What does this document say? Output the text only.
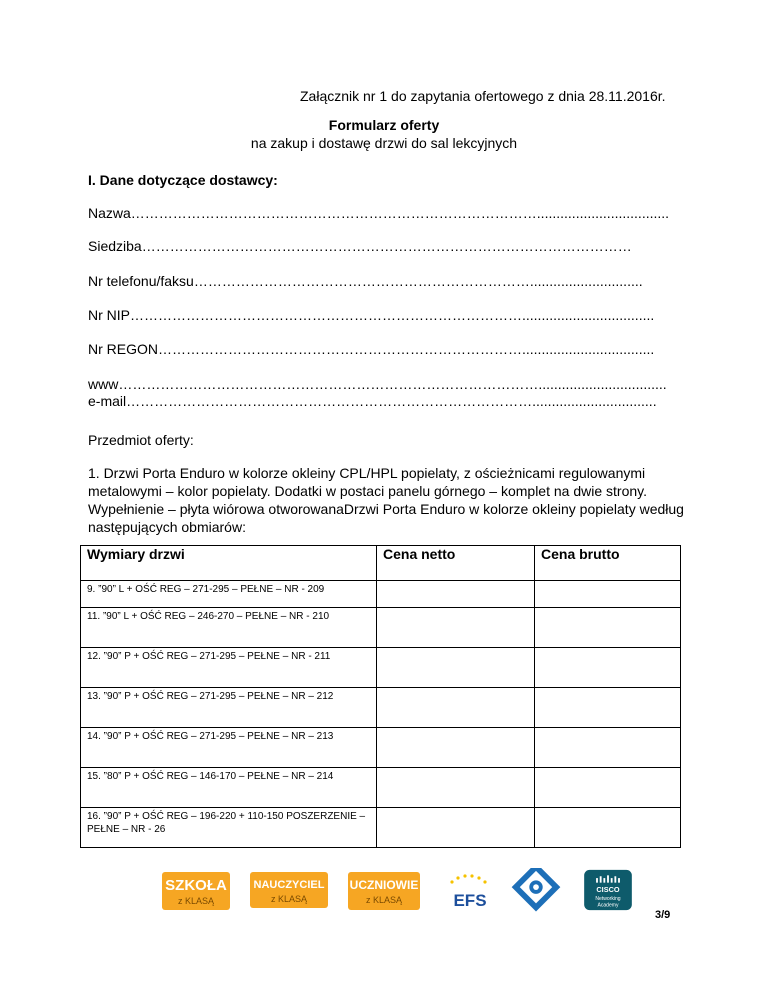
Załącznik nr 1 do zapytania ofertowego z dnia 28.11.2016r.
Formularz oferty
na zakup i dostawę drzwi do sal lekcyjnych
I. Dane dotyczące dostawcy:
Nazwa……………………………………………………………………………..................................
Siedziba……………………………………………………………………………………………
Nr telefonu/faksu……………………………………………………………….............................
Nr NIP…………………………………………………………………………..................................
Nr REGON……………………………………………………………………..................................
www……………………………………………………………………………….................................
e-mail……………………………………………………………………………................................
Przedmiot oferty:
1. Drzwi Porta Enduro w kolorze okleiny CPL/HPL popielaty, z ościeżnicami regulowanymi metalowymi – kolor popielaty. Dodatki w postaci panelu górnego – komplet na dwie strony. Wypełnienie – płyta wiórowa otworowanaDrzwi Porta Enduro w kolorze okleiny popielaty według następujących obmiarów:
Wymiary drzwi	Cena netto	Cena brutto
9. ”90” L + OŚĆ REG – 271-295 – PEŁNE – NR - 209		
11. ”90” L + OŚĆ REG – 246-270 – PEŁNE – NR - 210		
12. ”90” P + OŚĆ REG – 271-295 – PEŁNE – NR - 211		
13. ”90” P + OŚĆ REG – 271-295 – PEŁNE – NR – 212		
14. ”90” P + OŚĆ REG – 271-295 – PEŁNE – NR – 213		
15. ”80” P + OŚĆ REG – 146-170 – PEŁNE – NR – 214		
16. ”90” P + OŚĆ REG – 196-220 + 110-150 POSZERZENIE – PEŁNE – NR - 26		
SZKOŁA
z KLASĄ
NAUCZYCIEL
z KLASĄ
UCZNIOWIE
z KLASĄ	EFS
CISCO
Networking
Academy
3/9
